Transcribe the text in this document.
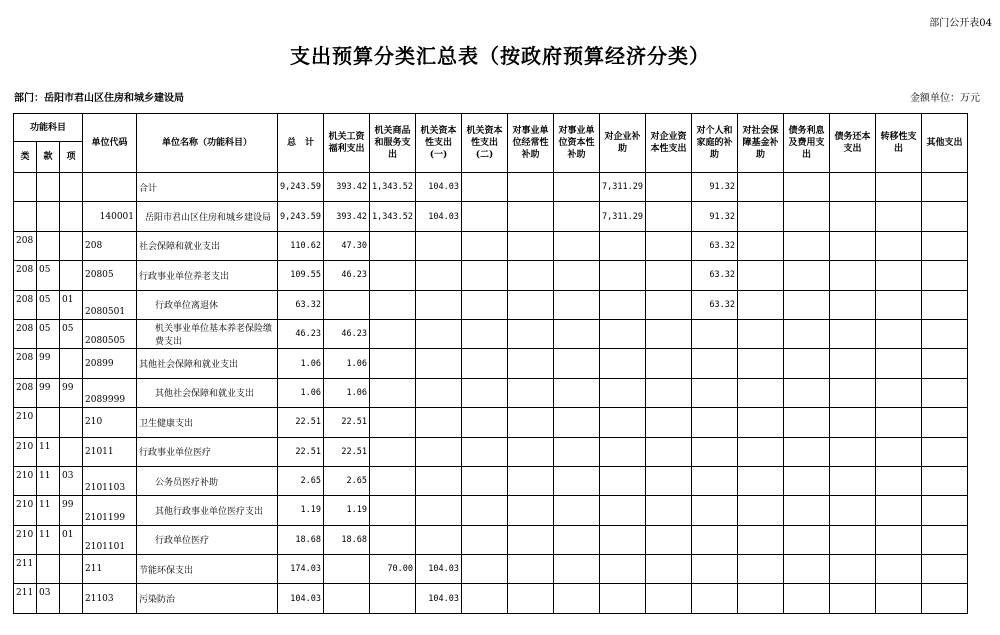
部门公开表04
支出预算分类汇总表（按政府预算经济分类）
部门：岳阳市君山区住房和城乡建设局	金额单位：万元
功能科目			单位代码	单位名称（功能科目）	总　计	机关工资福利支出	机关商品和服务支出	机关资本性支出(一)	机关资本性支出(二)	对事业单位经常性补助	对事业单位资本性补助	对企业补助	对企业资本性支出	对个人和家庭的补助	对社会保障基金补助	债务利息及费用支出	债务还本支出	转移性支出	其他支出
类	款	项																	
				合计	9,243.59	393.42	1,343.52	104.03				7,311.29		91.32					
			140001	岳阳市君山区住房和城乡建设局	9,243.59	393.42	1,343.52	104.03				7,311.29		91.32					
208			208	社会保障和就业支出	110.62	47.30								63.32					
208	05		20805	行政事业单位养老支出	109.55	46.23								63.32					
208	05	01	2080501	行政单位离退休	63.32									63.32					
208	05	05	2080505	机关事业单位基本养老保险缴费支出	46.23	46.23													
208	99		20899	其他社会保障和就业支出	1.06	1.06													
208	99	99	2089999	其他社会保障和就业支出	1.06	1.06													
210			210	卫生健康支出	22.51	22.51													
210	11		21011	行政事业单位医疗	22.51	22.51													
210	11	03	2101103	公务员医疗补助	2.65	2.65													
210	11	99	2101199	其他行政事业单位医疗支出	1.19	1.19													
210	11	01	2101101	行政单位医疗	18.68	18.68													
211			211	节能环保支出	174.03		70.00	104.03											
211	03		21103	污染防治	104.03			104.03											
